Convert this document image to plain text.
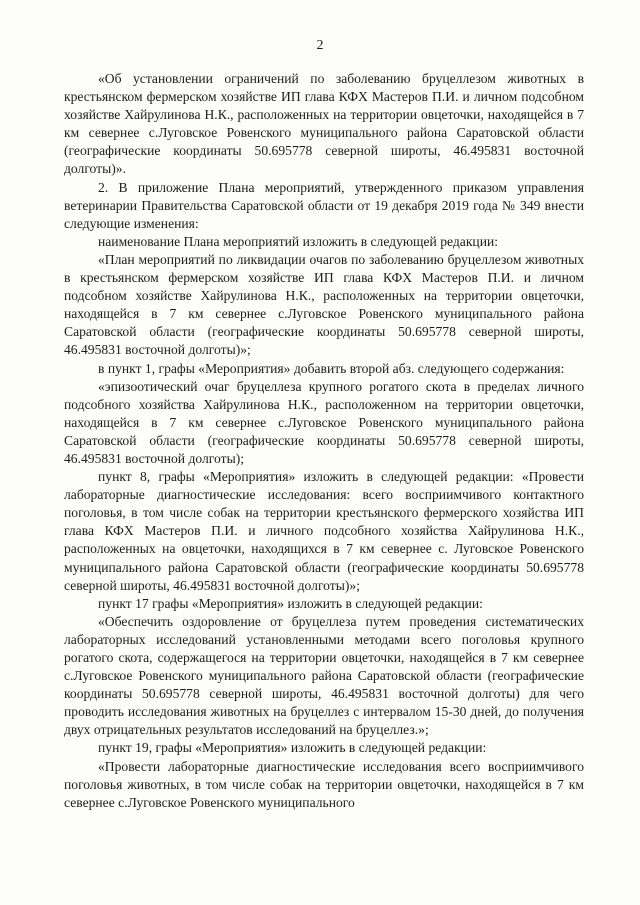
2

«Об установлении ограничений по заболеванию бруцеллезом животных в крестьянском фермерском хозяйстве ИП глава КФХ Мастеров П.И. и личном подсобном хозяйстве Хайрулинова Н.К., расположенных на территории овцеточки, находящейся в 7 км севернее с.Луговское Ровенского муниципального района Саратовской области (географические координаты 50.695778 северной широты, 46.495831 восточной долготы)».

2. В приложение Плана мероприятий, утвержденного приказом управления ветеринарии Правительства Саратовской области от 19 декабря 2019 года № 349 внести следующие изменения:

наименование Плана мероприятий изложить в следующей редакции:

«План мероприятий по ликвидации очагов по заболеванию бруцеллезом животных в крестьянском фермерском хозяйстве ИП глава КФХ Мастеров П.И. и личном подсобном хозяйстве Хайрулинова Н.К., расположенных на территории овцеточки, находящейся в 7 км севернее с.Луговское Ровенского муниципального района Саратовской области (географические координаты 50.695778 северной широты, 46.495831 восточной долготы)»;

в пункт 1, графы «Мероприятия» добавить второй абз. следующего содержания:

«эпизоотический очаг бруцеллеза крупного рогатого скота в пределах личного подсобного хозяйства Хайрулинова Н.К., расположенном на территории овцеточки, находящейся в 7 км севернее с.Луговское Ровенского муниципального района Саратовской области (географические координаты 50.695778 северной широты, 46.495831 восточной долготы);

пункт 8, графы «Мероприятия» изложить в следующей редакции: «Провести лабораторные диагностические исследования: всего восприимчивого контактного поголовья, в том числе собак на территории крестьянского фермерского хозяйства ИП глава КФХ Мастеров П.И. и личного подсобного хозяйства Хайрулинова Н.К., расположенных на овцеточки, находящихся в 7 км севернее с. Луговское Ровенского муниципального района Саратовской области (географические координаты 50.695778 северной широты, 46.495831 восточной долготы)»;

пункт 17 графы «Мероприятия» изложить в следующей редакции:

«Обеспечить оздоровление от бруцеллеза путем проведения систематических лабораторных исследований установленными методами всего поголовья крупного рогатого скота, содержащегося на территории овцеточки, находящейся в 7 км севернее с.Луговское Ровенского муниципального района Саратовской области (географические координаты 50.695778 северной широты, 46.495831 восточной долготы) для чего проводить исследования животных на бруцеллез с интервалом 15-30 дней, до получения двух отрицательных результатов исследований на бруцеллез.»;

пункт 19, графы «Мероприятия» изложить в следующей редакции:

«Провести лабораторные диагностические исследования всего восприимчивого поголовья животных, в том числе собак на территории овцеточки, находящейся в 7 км севернее с.Луговское Ровенского муниципального
